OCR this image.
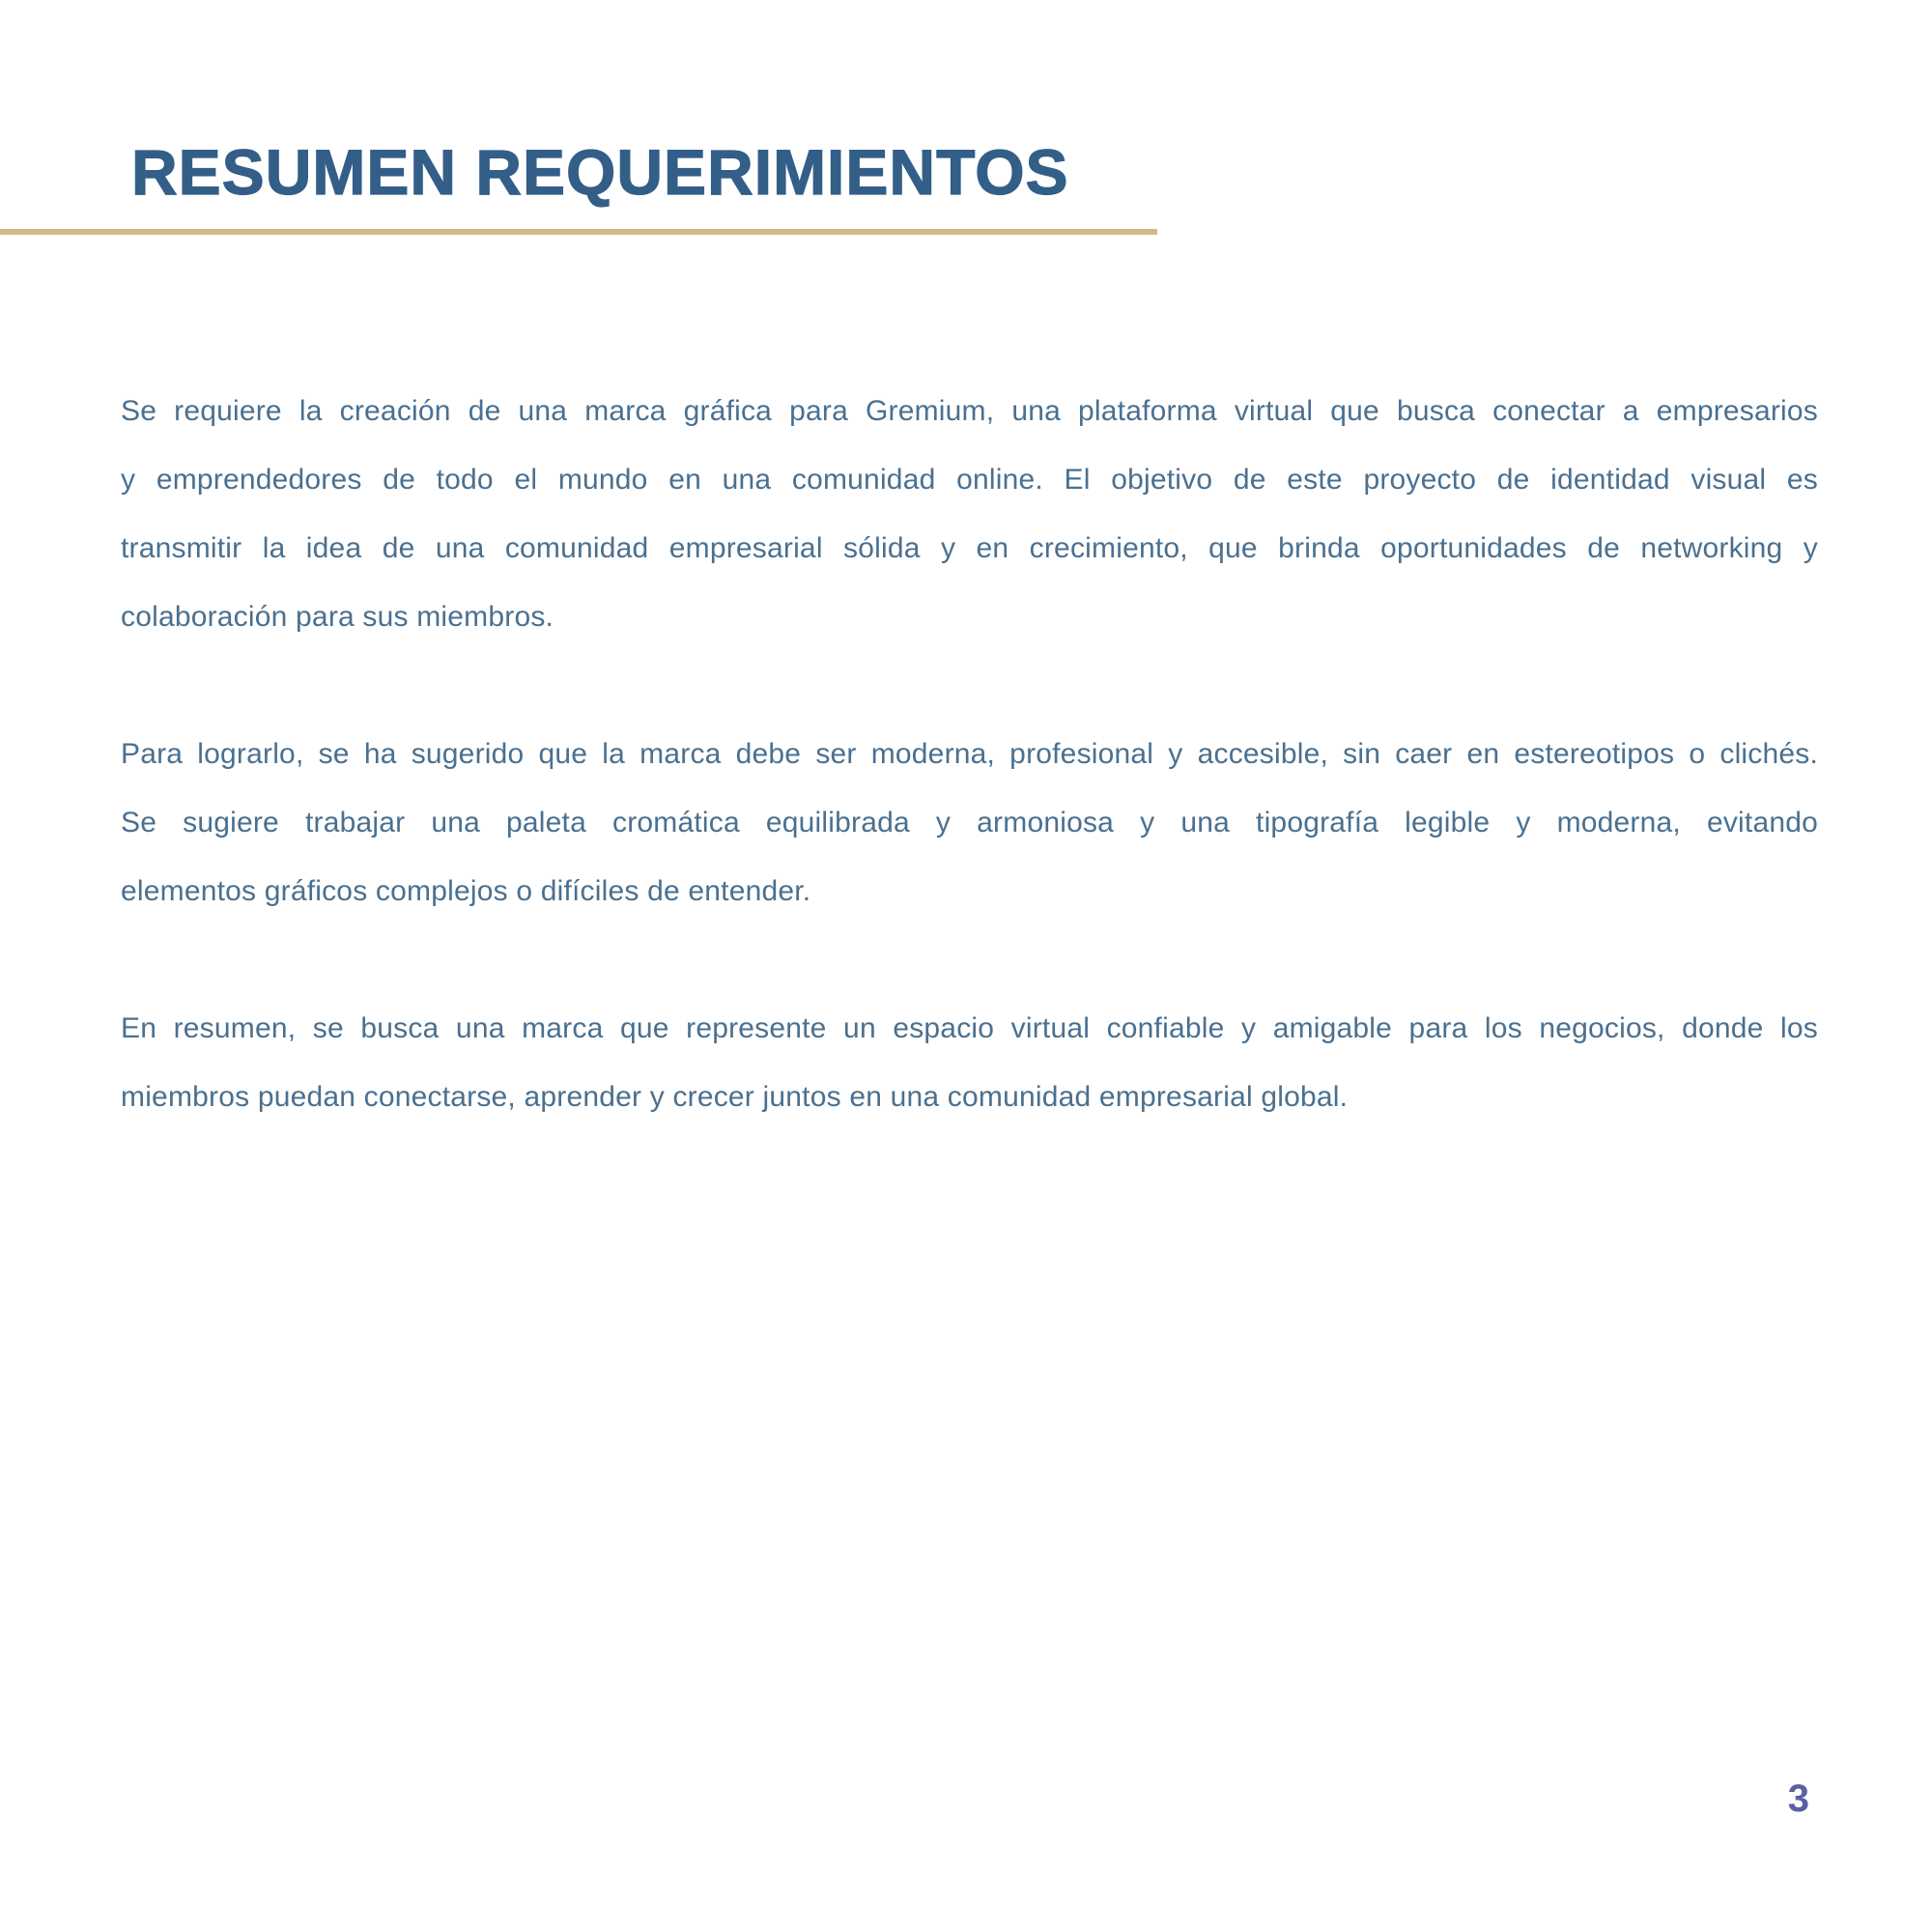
RESUMEN REQUERIMIENTOS
Se requiere la creación de una marca gráfica para Gremium, una plataforma virtual que busca conectar a empresarios
y emprendedores de todo el mundo en una comunidad online. El objetivo de este proyecto de identidad visual es
transmitir la idea de una comunidad empresarial sólida y en crecimiento, que brinda oportunidades de networking y
colaboración para sus miembros.
Para lograrlo, se ha sugerido que la marca debe ser moderna, profesional y accesible, sin caer en estereotipos o clichés.
Se sugiere trabajar una paleta cromática equilibrada y armoniosa y una tipografía legible y moderna, evitando
elementos gráficos complejos o difíciles de entender.
En resumen, se busca una marca que represente un espacio virtual confiable y amigable para los negocios, donde los
miembros puedan conectarse, aprender y crecer juntos en una comunidad empresarial global.
3
